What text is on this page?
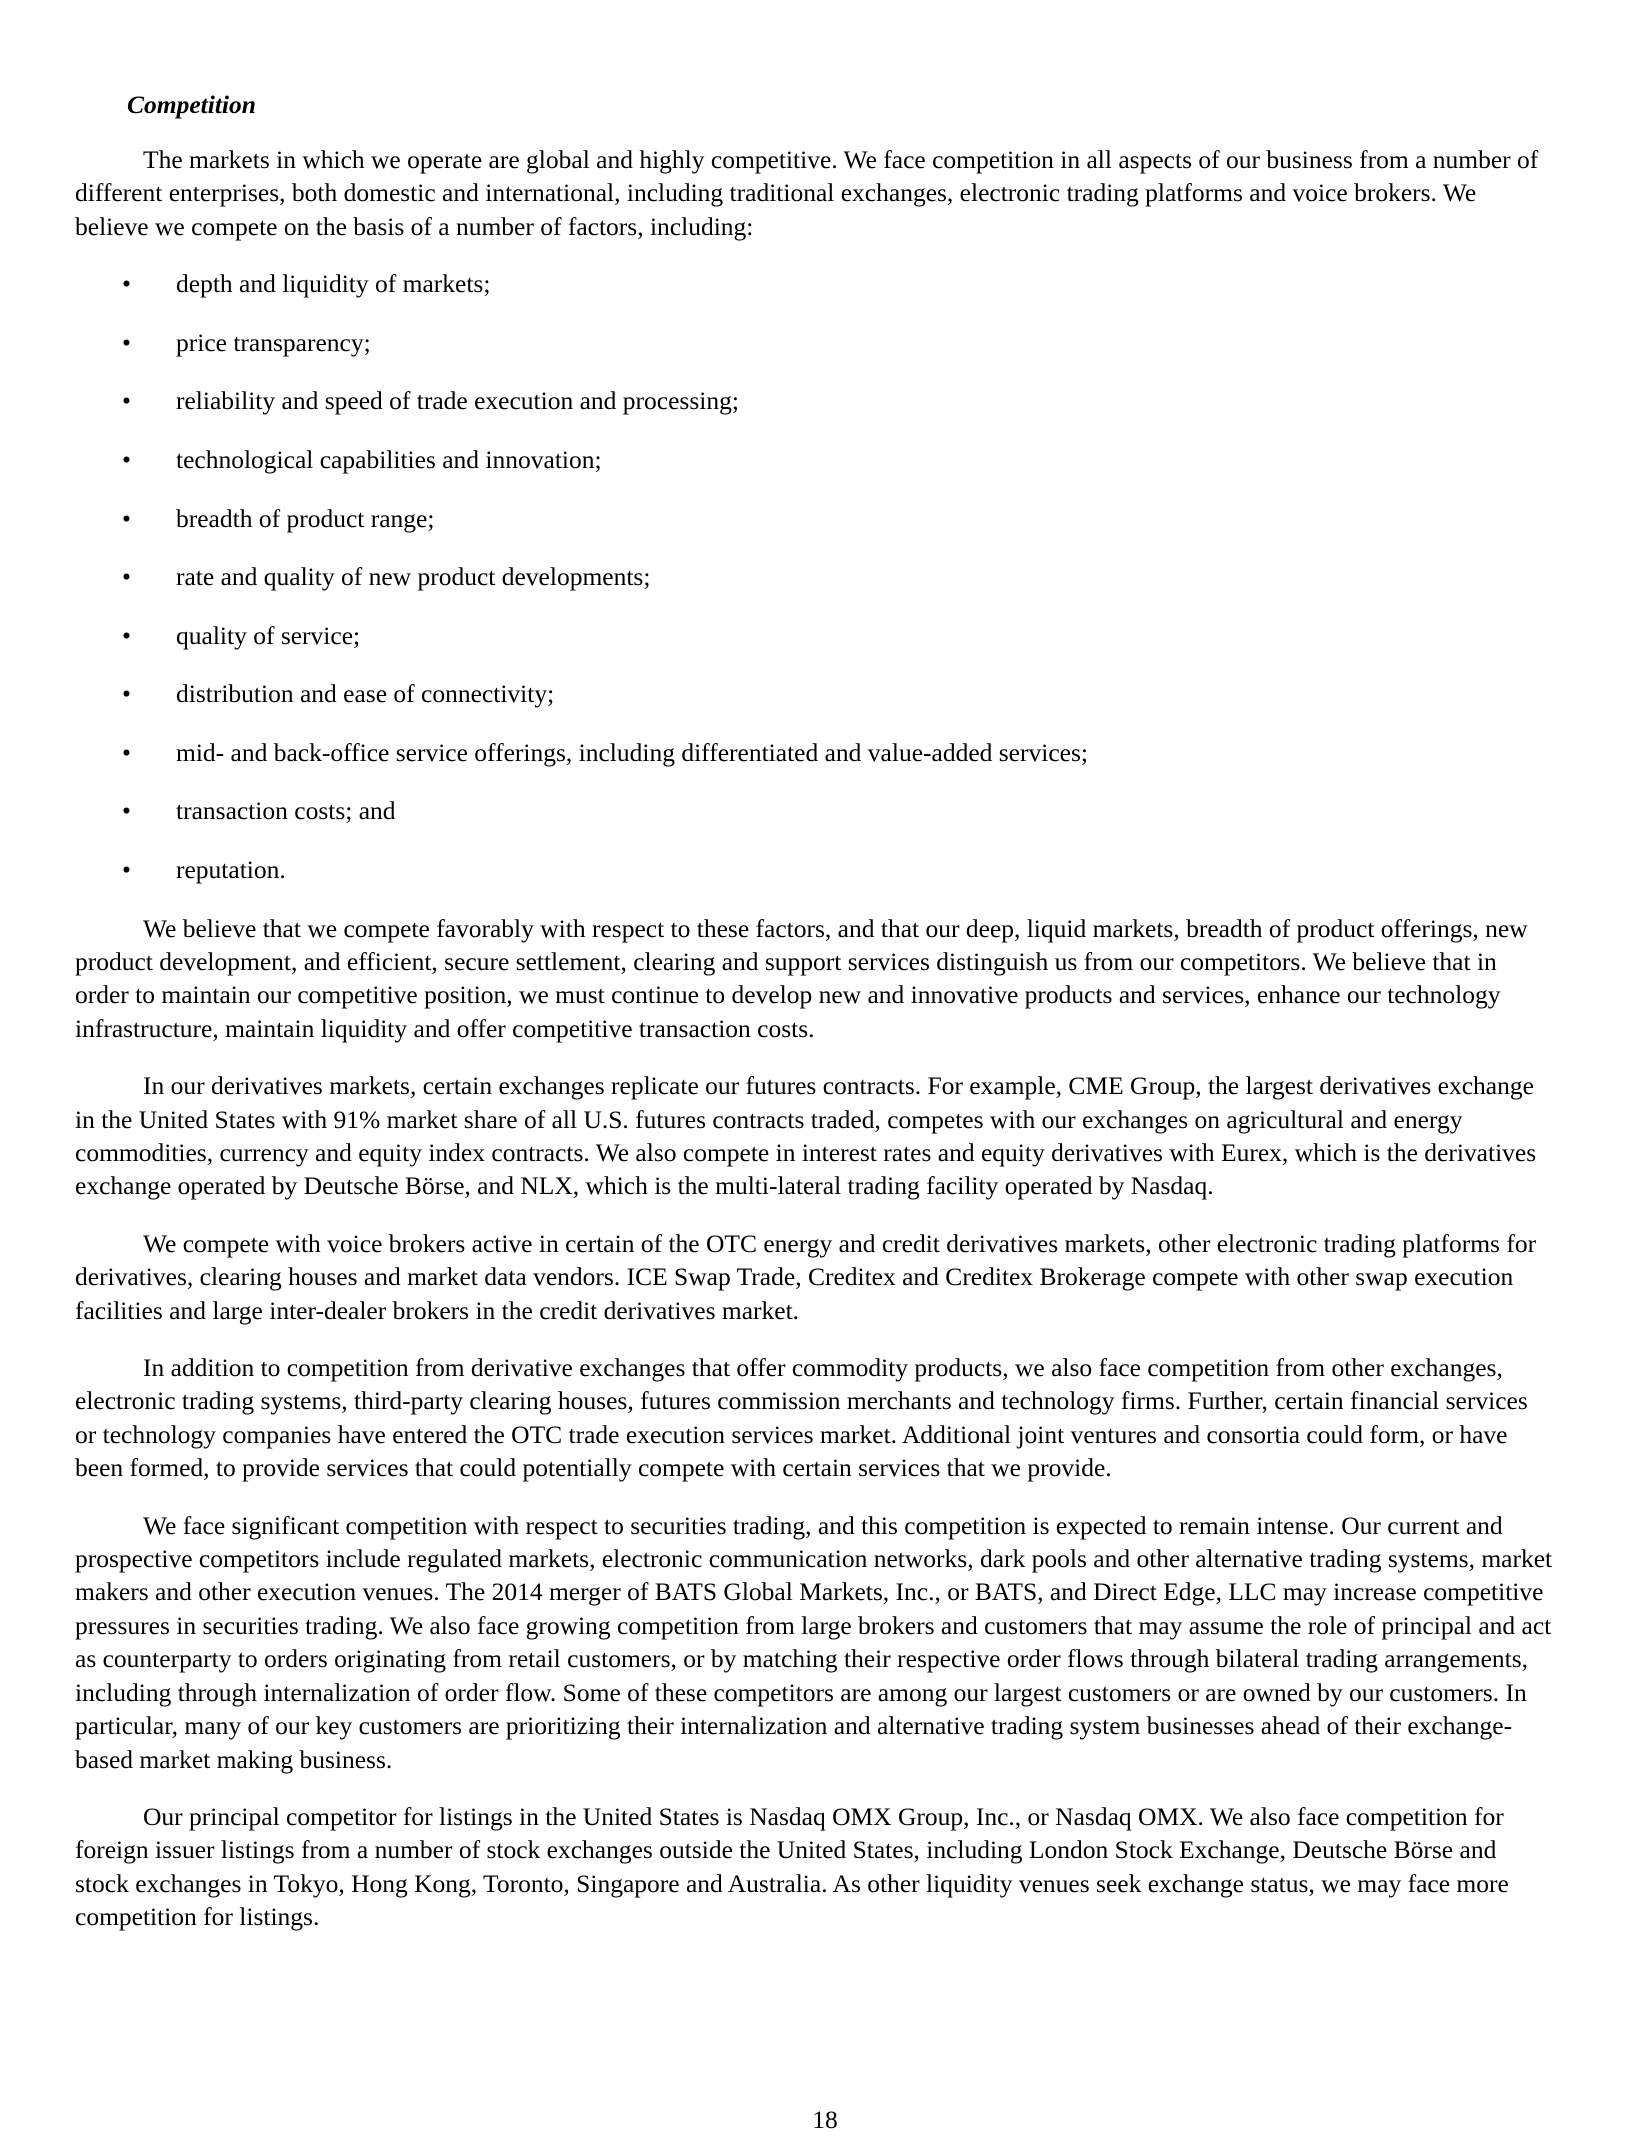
Competition

The markets in which we operate are global and highly competitive. We face competition in all aspects of our business from a number of different enterprises, both domestic and international, including traditional exchanges, electronic trading platforms and voice brokers. We believe we compete on the basis of a number of factors, including:

• depth and liquidity of markets;
• price transparency;
• reliability and speed of trade execution and processing;
• technological capabilities and innovation;
• breadth of product range;
• rate and quality of new product developments;
• quality of service;
• distribution and ease of connectivity;
• mid- and back-office service offerings, including differentiated and value-added services;
• transaction costs; and
• reputation.

We believe that we compete favorably with respect to these factors, and that our deep, liquid markets, breadth of product offerings, new product development, and efficient, secure settlement, clearing and support services distinguish us from our competitors. We believe that in order to maintain our competitive position, we must continue to develop new and innovative products and services, enhance our technology infrastructure, maintain liquidity and offer competitive transaction costs.

In our derivatives markets, certain exchanges replicate our futures contracts. For example, CME Group, the largest derivatives exchange in the United States with 91% market share of all U.S. futures contracts traded, competes with our exchanges on agricultural and energy commodities, currency and equity index contracts. We also compete in interest rates and equity derivatives with Eurex, which is the derivatives exchange operated by Deutsche Börse, and NLX, which is the multi-lateral trading facility operated by Nasdaq.

We compete with voice brokers active in certain of the OTC energy and credit derivatives markets, other electronic trading platforms for derivatives, clearing houses and market data vendors. ICE Swap Trade, Creditex and Creditex Brokerage compete with other swap execution facilities and large inter-dealer brokers in the credit derivatives market.

In addition to competition from derivative exchanges that offer commodity products, we also face competition from other exchanges, electronic trading systems, third-party clearing houses, futures commission merchants and technology firms. Further, certain financial services or technology companies have entered the OTC trade execution services market. Additional joint ventures and consortia could form, or have been formed, to provide services that could potentially compete with certain services that we provide.

We face significant competition with respect to securities trading, and this competition is expected to remain intense. Our current and prospective competitors include regulated markets, electronic communication networks, dark pools and other alternative trading systems, market makers and other execution venues. The 2014 merger of BATS Global Markets, Inc., or BATS, and Direct Edge, LLC may increase competitive pressures in securities trading. We also face growing competition from large brokers and customers that may assume the role of principal and act as counterparty to orders originating from retail customers, or by matching their respective order flows through bilateral trading arrangements, including through internalization of order flow. Some of these competitors are among our largest customers or are owned by our customers. In particular, many of our key customers are prioritizing their internalization and alternative trading system businesses ahead of their exchange-based market making business.

Our principal competitor for listings in the United States is Nasdaq OMX Group, Inc., or Nasdaq OMX. We also face competition for foreign issuer listings from a number of stock exchanges outside the United States, including London Stock Exchange, Deutsche Börse and stock exchanges in Tokyo, Hong Kong, Toronto, Singapore and Australia. As other liquidity venues seek exchange status, we may face more competition for listings.

18
